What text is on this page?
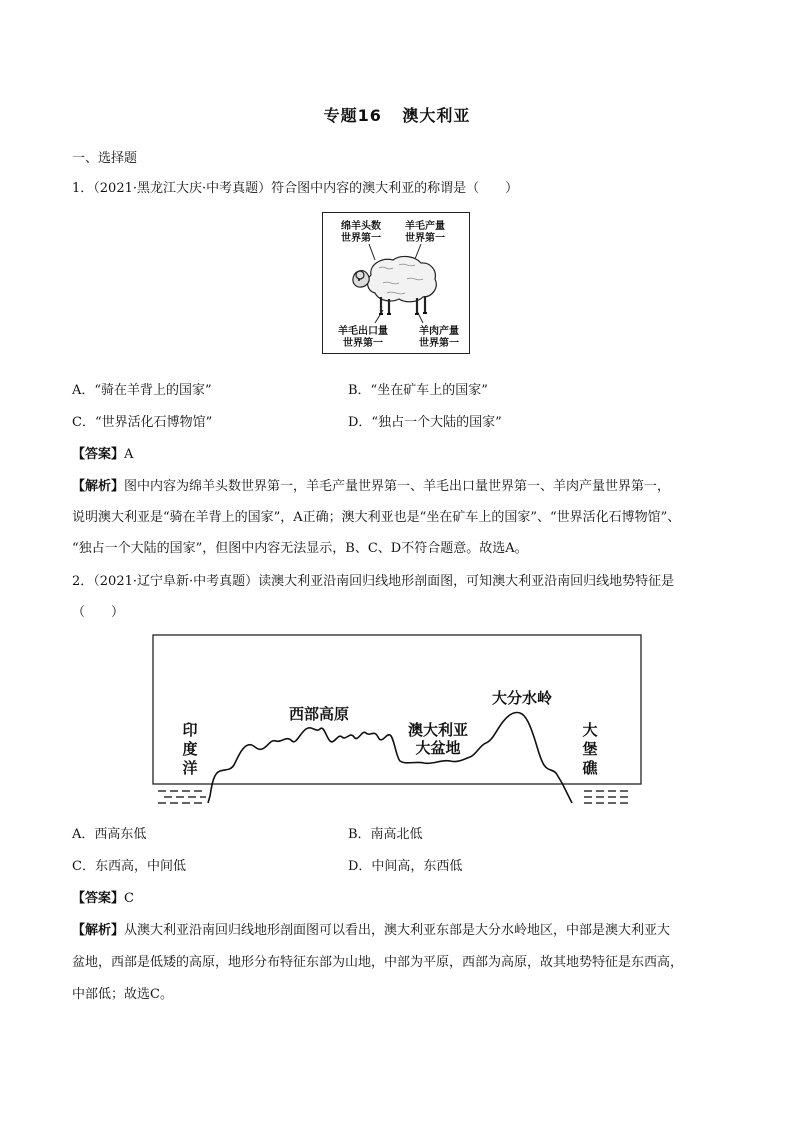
专题16 澳大利亚
一、选择题
1．（2021·黑龙江大庆·中考真题）符合图中内容的澳大利亚的称谓是（　　）
绵羊头数
世界第一
羊毛产量
世界第一
羊毛出口量
世界第一
羊肉产量
世界第一
A．“骑在羊背上的国家”	B．“坐在矿车上的国家”
C．“世界活化石博物馆”	D．“独占一个大陆的国家”
【答案】A
【解析】图中内容为绵羊头数世界第一，羊毛产量世界第一、羊毛出口量世界第一、羊肉产量世界第一，
说明澳大利亚是“骑在羊背上的国家”，A正确；澳大利亚也是“坐在矿车上的国家”、“世界活化石博物馆”、
“独占一个大陆的国家”，但图中内容无法显示，B、C、D不符合题意。故选A。
2．（2021·辽宁阜新·中考真题）读澳大利亚沿南回归线地形剖面图，可知澳大利亚沿南回归线地势特征是
（　　）
印
度
洋
西部高原
澳大利亚
大盆地
大分水岭
大
堡
礁
A．西高东低	B．南高北低
C．东西高，中间低	D．中间高，东西低
【答案】C
【解析】从澳大利亚沿南回归线地形剖面图可以看出，澳大利亚东部是大分水岭地区，中部是澳大利亚大
盆地，西部是低矮的高原，地形分布特征东部为山地，中部为平原，西部为高原，故其地势特征是东西高，
中部低；故选C。
